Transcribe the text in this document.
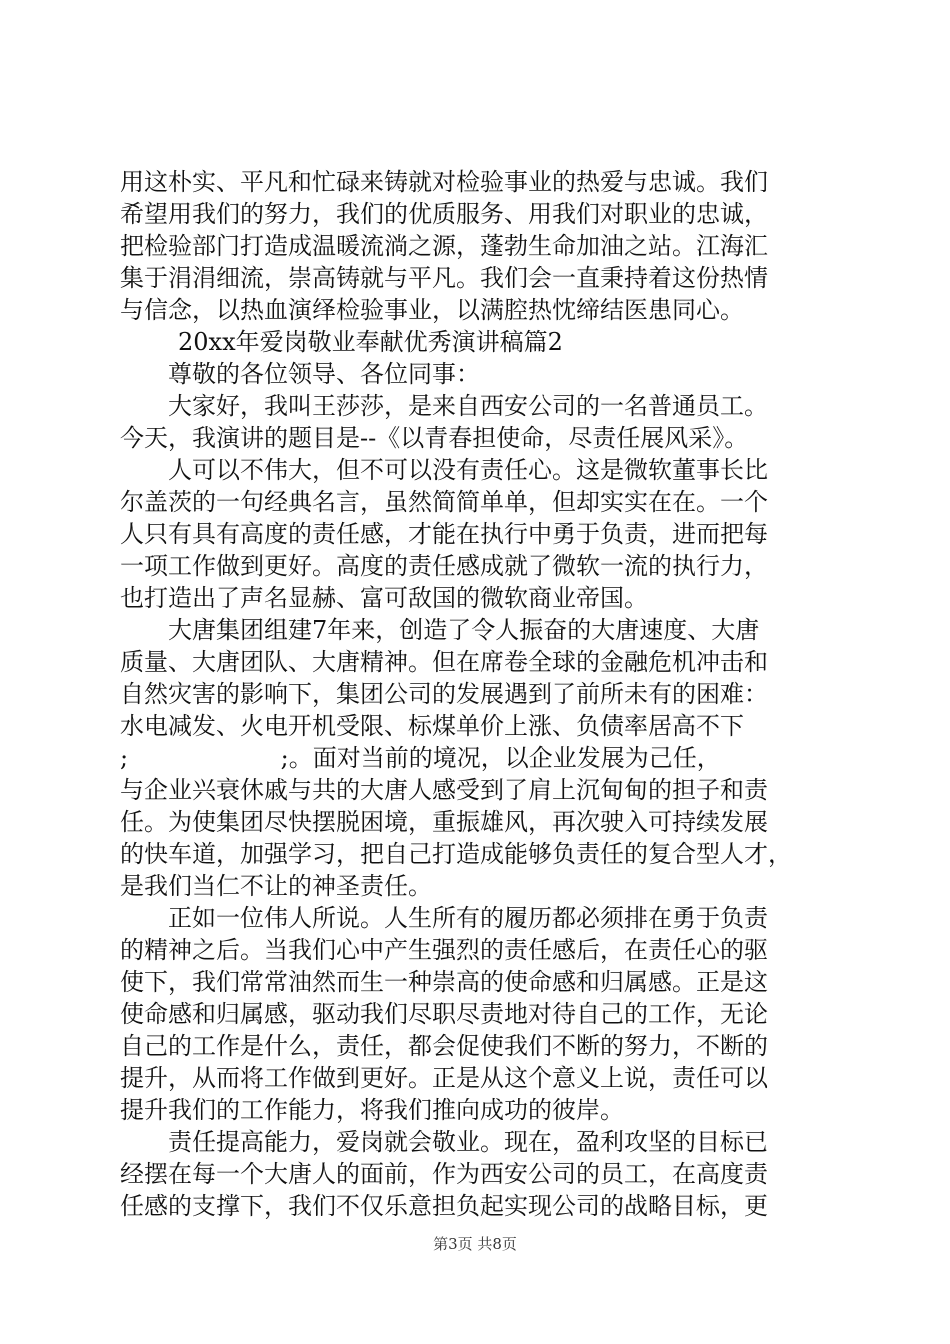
用这朴实、平凡和忙碌来铸就对检验事业的热爱与忠诚。我们
希望用我们的努力，我们的优质服务、用我们对职业的忠诚，
把检验部门打造成温暖流淌之源，蓬勃生命加油之站。江海汇
集于涓涓细流，崇高铸就与平凡。我们会一直秉持着这份热情
与信念，以热血演绎检验事业，以满腔热忱缔结医患同心。
20xx年爱岗敬业奉献优秀演讲稿篇2
尊敬的各位领导、各位同事：
大家好，我叫王莎莎，是来自西安公司的一名普通员工。
今天，我演讲的题目是--《以青春担使命，尽责任展风采》。
人可以不伟大，但不可以没有责任心。这是微软董事长比
尔盖茨的一句经典名言，虽然简简单单，但却实实在在。一个
人只有具有高度的责任感，才能在执行中勇于负责，进而把每
一项工作做到更好。高度的责任感成就了微软一流的执行力，
也打造出了声名显赫、富可敌国的微软商业帝国。
大唐集团组建7年来，创造了令人振奋的大唐速度、大唐
质量、大唐团队、大唐精神。但在席卷全球的金融危机冲击和
自然灾害的影响下，集团公司的发展遇到了前所未有的困难：
水电减发、火电开机受限、标煤单价上涨、负债率居高不下
;                    ;。面对当前的境况，以企业发展为己任，
与企业兴衰休戚与共的大唐人感受到了肩上沉甸甸的担子和责
任。为使集团尽快摆脱困境，重振雄风，再次驶入可持续发展
的快车道，加强学习，把自己打造成能够负责任的复合型人才，
是我们当仁不让的神圣责任。
正如一位伟人所说。人生所有的履历都必须排在勇于负责
的精神之后。当我们心中产生强烈的责任感后，在责任心的驱
使下，我们常常油然而生一种崇高的使命感和归属感。正是这
使命感和归属感，驱动我们尽职尽责地对待自己的工作，无论
自己的工作是什么，责任，都会促使我们不断的努力，不断的
提升，从而将工作做到更好。正是从这个意义上说，责任可以
提升我们的工作能力，将我们推向成功的彼岸。
责任提高能力，爱岗就会敬业。现在，盈利攻坚的目标已
经摆在每一个大唐人的面前，作为西安公司的员工，在高度责
任感的支撑下，我们不仅乐意担负起实现公司的战略目标，更
第3页 共8页
